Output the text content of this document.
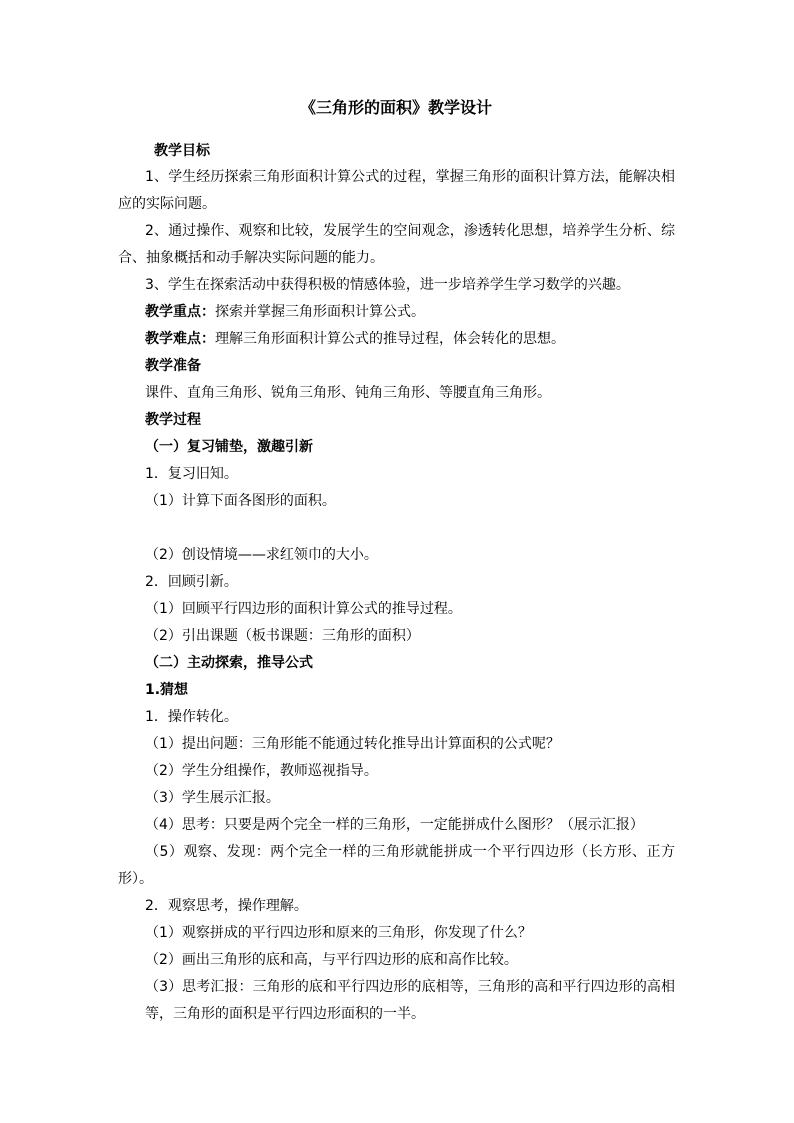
《三角形的面积》教学设计
教学目标
1、学生经历探索三角形面积计算公式的过程，掌握三角形的面积计算方法，能解决相
应的实际问题。
2、通过操作、观察和比较，发展学生的空间观念，渗透转化思想，培养学生分析、综
合、抽象概括和动手解决实际问题的能力。
3、学生在探索活动中获得积极的情感体验，进一步培养学生学习数学的兴趣。
教学重点：探索并掌握三角形面积计算公式。
教学难点：理解三角形面积计算公式的推导过程，体会转化的思想。
教学准备
课件、直角三角形、锐角三角形、钝角三角形、等腰直角三角形。
教学过程
（一）复习铺垫，激趣引新
1．复习旧知。
（1）计算下面各图形的面积。
（2）创设情境——求红领巾的大小。
2．回顾引新。
（1）回顾平行四边形的面积计算公式的推导过程。
（2）引出课题（板书课题：三角形的面积）
（二）主动探索，推导公式
1.猜想
1．操作转化。
（1）提出问题：三角形能不能通过转化推导出计算面积的公式呢？
（2）学生分组操作，教师巡视指导。
（3）学生展示汇报。
（4）思考：只要是两个完全一样的三角形，一定能拼成什么图形？（展示汇报）
（5）观察、发现：两个完全一样的三角形就能拼成一个平行四边形（长方形、正方
形）。
2．观察思考，操作理解。
（1）观察拼成的平行四边形和原来的三角形，你发现了什么？
（2）画出三角形的底和高，与平行四边形的底和高作比较。
（3）思考汇报：三角形的底和平行四边形的底相等，三角形的高和平行四边形的高相
等，三角形的面积是平行四边形面积的一半。
